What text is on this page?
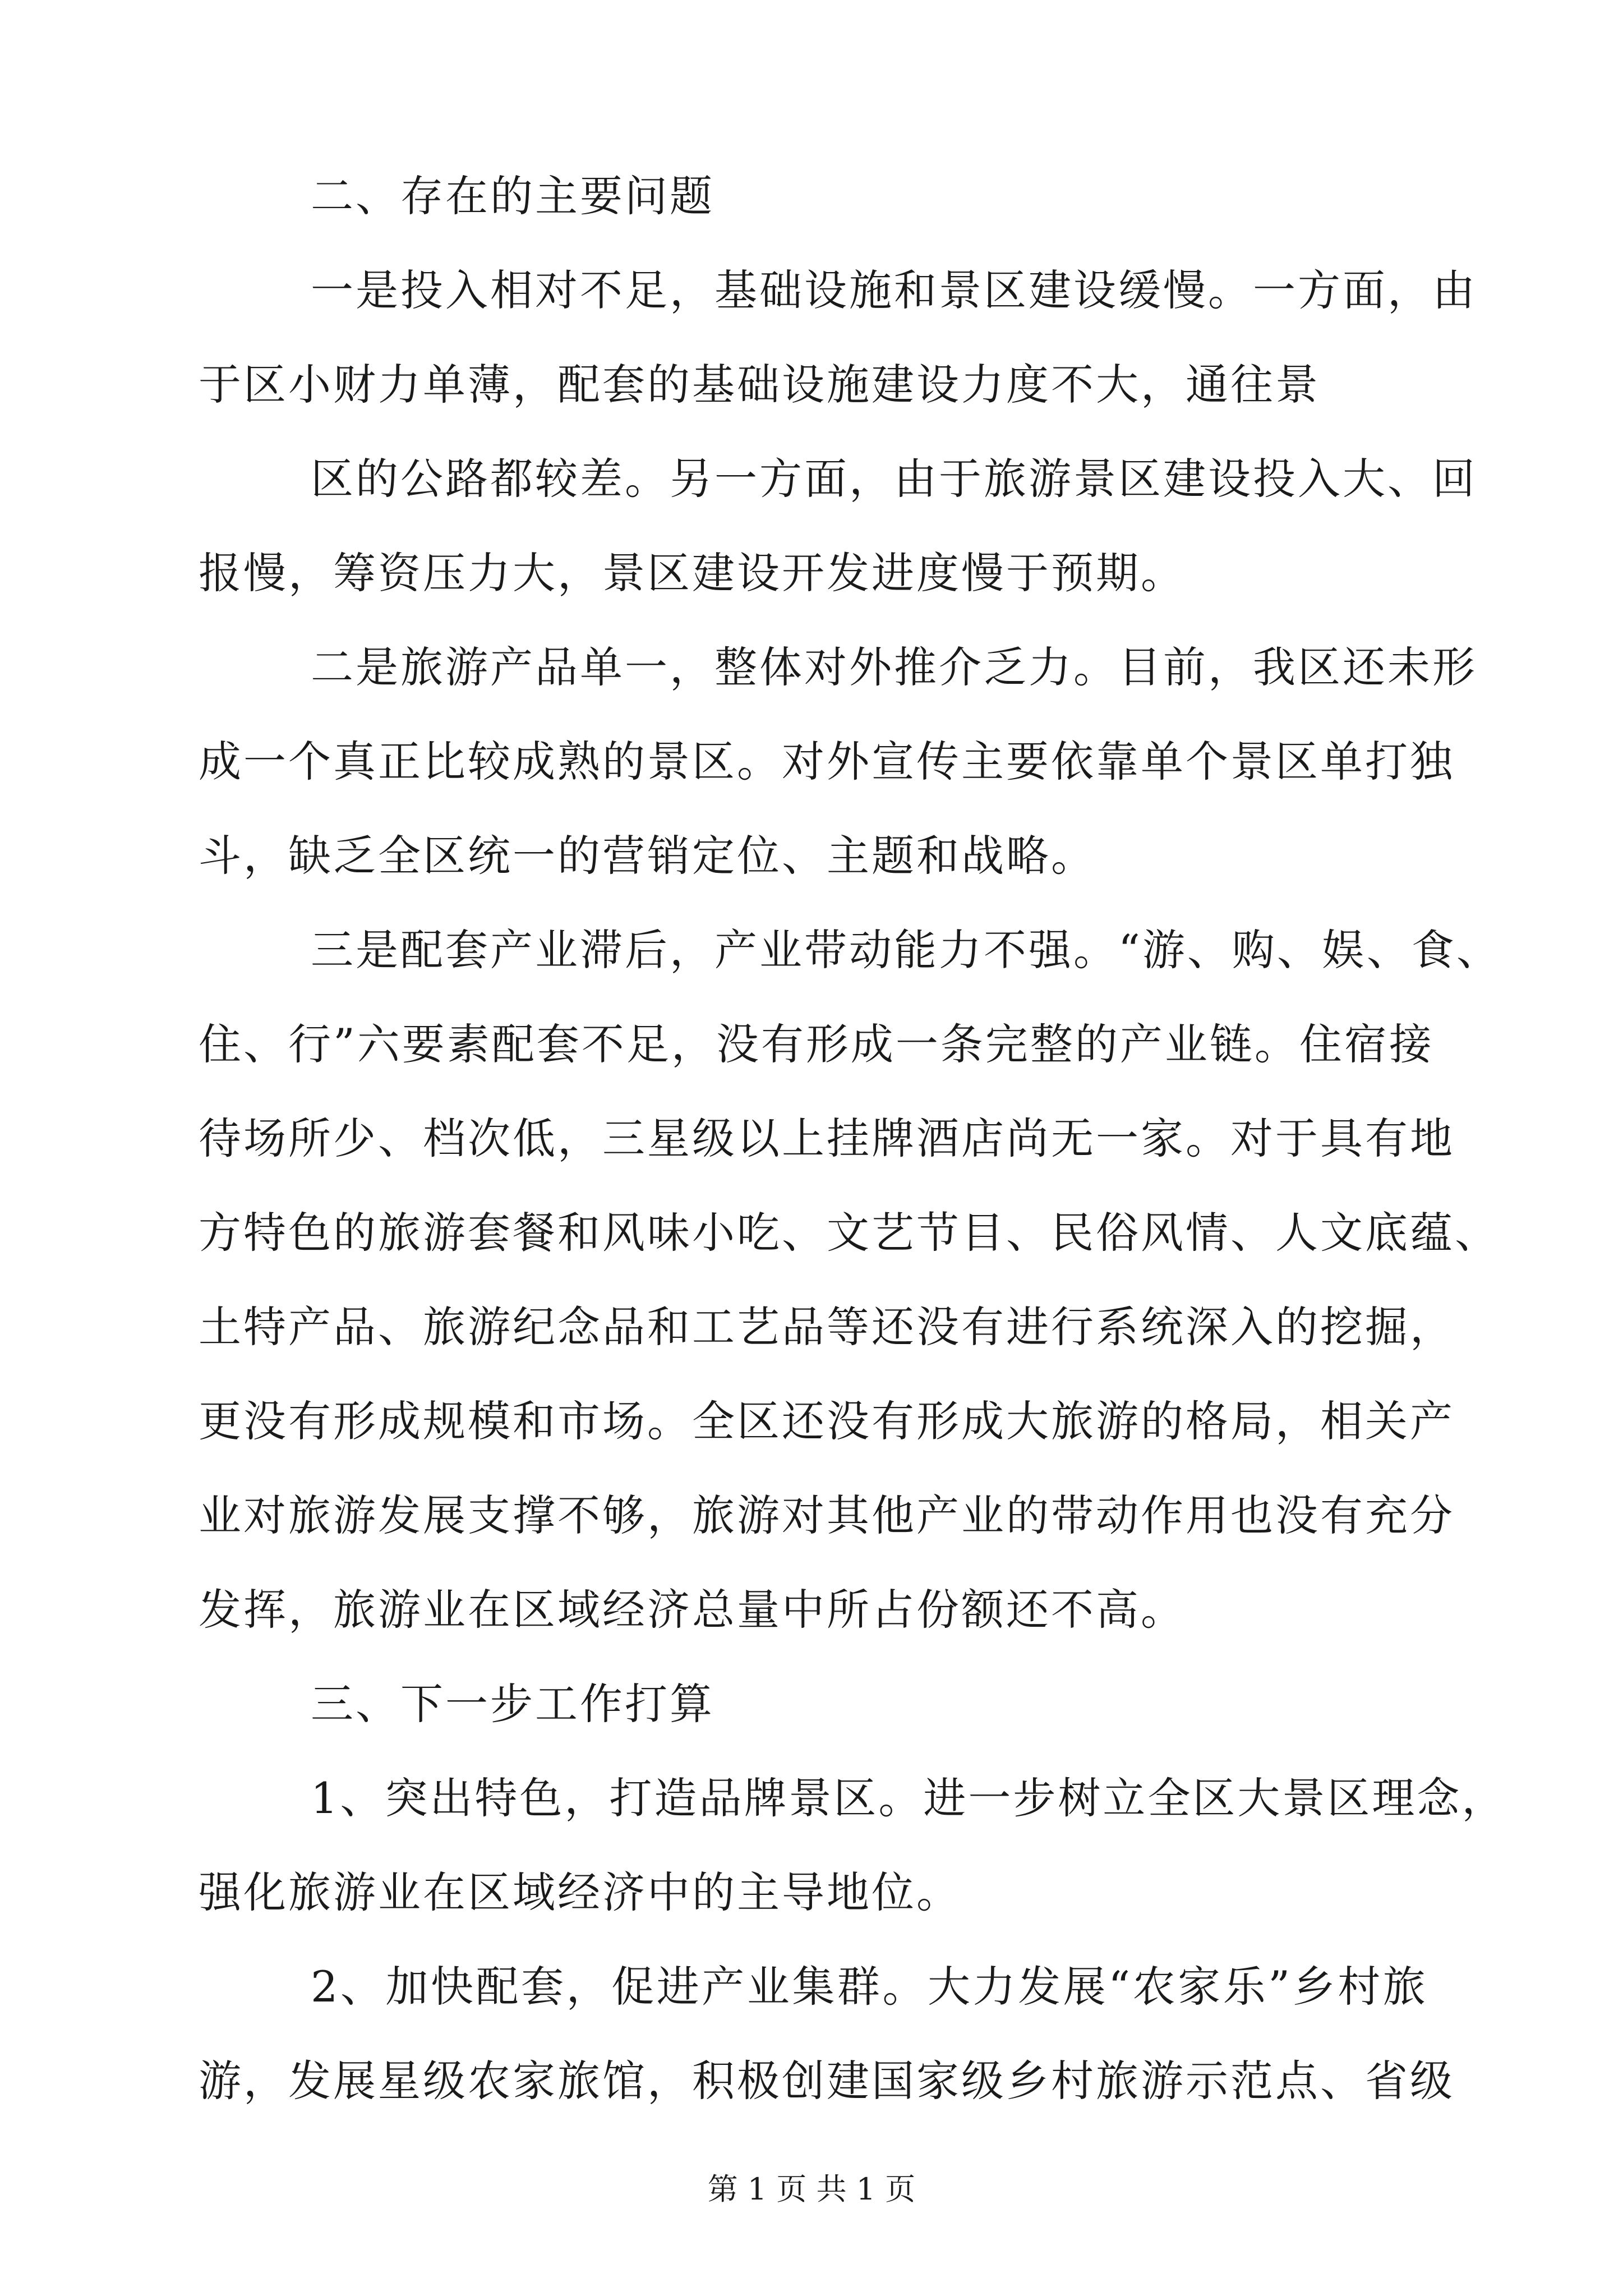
二、存在的主要问题
一 是 投 入 相 对 不 足 ， 基 础 设 施 和 景 区 建 设 缓 慢 。 一 方 面 ， 由
于区小财力单薄，配套的基础设施建设力度不大，通往景
区 的 公 路 都 较 差 。 另 一 方 面 ， 由 于 旅 游 景 区 建 设 投 入 大 、 回
报慢，筹资压力大，景区建设开发进度慢于预期。
二 是 旅 游 产 品 单 一 ， 整 体 对 外 推 介 乏 力 。 目 前 ， 我 区 还 未 形
成 一 个 真 正 比 较 成 熟 的 景 区 。 对 外 宣 传 主 要 依 靠 单 个 景 区 单 打 独
斗，缺乏全区统一的营销定位、主题和战略。
三 是 配 套 产 业 滞 后 ， 产 业 带 动 能 力 不 强 。 “ 游 、 购 、 娱 、 食 、
住 、 行 ” 六 要 素 配 套 不 足 ， 没 有 形 成 一 条 完 整 的 产 业 链 。 住 宿 接
待 场 所 少 、 档 次 低 ， 三 星 级 以 上 挂 牌 酒 店 尚 无 一 家 。 对 于 具 有 地
方 特 色 的 旅 游 套 餐 和 风 味 小 吃 、 文 艺 节 目 、 民 俗 风 情 、 人 文 底 蕴 、
土 特 产 品 、 旅 游 纪 念 品 和 工 艺 品 等 还 没 有 进 行 系 统 深 入 的 挖 掘 ，
更 没 有 形 成 规 模 和 市 场 。 全 区 还 没 有 形 成 大 旅 游 的 格 局 ， 相 关 产
业 对 旅 游 发 展 支 撑 不 够 ， 旅 游 对 其 他 产 业 的 带 动 作 用 也 没 有 充 分
发挥，旅游业在区域经济总量中所占份额还不高。
三、下一步工作打算
1 、 突 出 特 色 ， 打 造 品 牌 景 区 。 进 一 步 树 立 全 区 大 景 区 理 念 ，
强化旅游业在区域经济中的主导地位。
2 、 加 快 配 套 ， 促 进 产 业 集 群 。 大 力 发 展 “ 农 家 乐 ” 乡 村 旅
游 ， 发 展 星 级 农 家 旅 馆 ， 积 极 创 建 国 家 级 乡 村 旅 游 示 范 点 、 省 级
第 1 页 共 1 页
